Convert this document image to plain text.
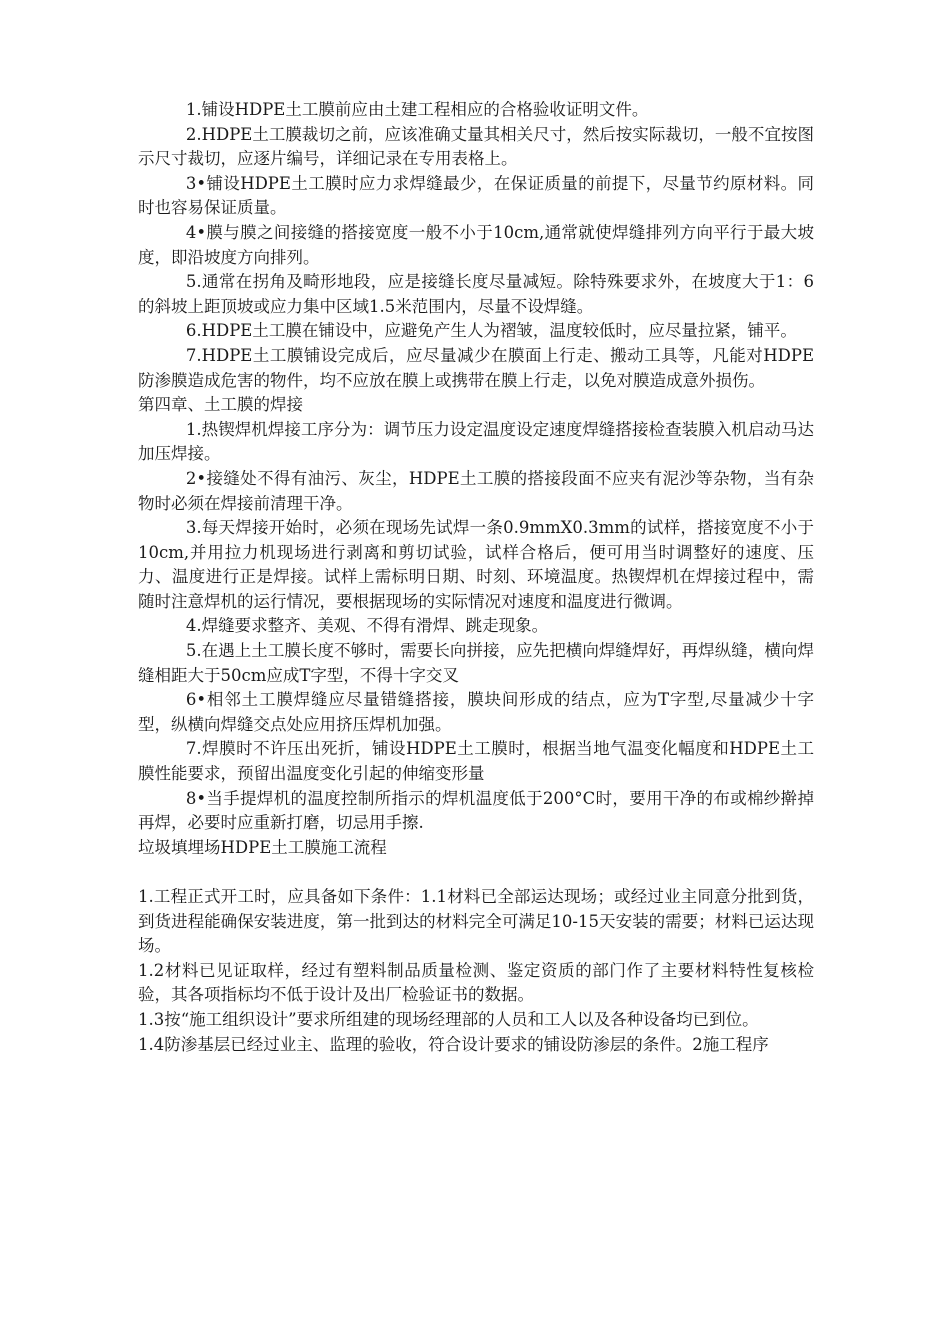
1.铺设HDPE土工膜前应由土建工程相应的合格验收证明文件。

2.HDPE土工膜裁切之前，应该准确丈量其相关尺寸，然后按实际裁切，一般不宜按图示尺寸裁切，应逐片编号，详细记录在专用表格上。

3•铺设HDPE土工膜时应力求焊缝最少，在保证质量的前提下，尽量节约原材料。同时也容易保证质量。

4•膜与膜之间接缝的搭接宽度一般不小于10cm,通常就使焊缝排列方向平行于最大坡度，即沿坡度方向排列。

5.通常在拐角及畸形地段，应是接缝长度尽量减短。除特殊要求外，在坡度大于1：6的斜坡上距顶坡或应力集中区域1.5米范围内，尽量不设焊缝。

6.HDPE土工膜在铺设中，应避免产生人为褶皱，温度较低时，应尽量拉紧，铺平。

7.HDPE土工膜铺设完成后，应尽量减少在膜面上行走、搬动工具等，凡能对HDPE防渗膜造成危害的物件，均不应放在膜上或携带在膜上行走，以免对膜造成意外损伤。

第四章、土工膜的焊接

1.热锲焊机焊接工序分为：调节压力设定温度设定速度焊缝搭接检查装膜入机启动马达加压焊接。

2•接缝处不得有油污、灰尘，HDPE土工膜的搭接段面不应夹有泥沙等杂物，当有杂物时必须在焊接前清理干净。

3.每天焊接开始时，必须在现场先试焊一条0.9mmX0.3mm的试样，搭接宽度不小于10cm,并用拉力机现场进行剥离和剪切试验，试样合格后，便可用当时调整好的速度、压力、温度进行正是焊接。试样上需标明日期、时刻、环境温度。热锲焊机在焊接过程中，需随时注意焊机的运行情况，要根据现场的实际情况对速度和温度进行微调。

4.焊缝要求整齐、美观、不得有滑焊、跳走现象。

5.在遇上土工膜长度不够时，需要长向拼接，应先把横向焊缝焊好，再焊纵缝，横向焊缝相距大于50cm应成T字型，不得十字交叉

6•相邻土工膜焊缝应尽量错缝搭接，膜块间形成的结点，应为T字型,尽量减少十字型，纵横向焊缝交点处应用挤压焊机加强。

7.焊膜时不许压出死折，铺设HDPE土工膜时，根据当地气温变化幅度和HDPE土工膜性能要求，预留出温度变化引起的伸缩变形量

8•当手提焊机的温度控制所指示的焊机温度低于200°C时，要用干净的布或棉纱擀掉再焊，必要时应重新打磨，切忌用手擦.

垃圾填埋场HDPE土工膜施工流程

1.工程正式开工时，应具备如下条件：1.1材料已全部运达现场；或经过业主同意分批到货，到货进程能确保安装进度，第一批到达的材料完全可满足10-15天安装的需要；材料已运达现场。

1.2材料已见证取样，经过有塑料制品质量检测、鉴定资质的部门作了主要材料特性复核检验，其各项指标均不低于设计及出厂检验证书的数据。

1.3按“施工组织设计”要求所组建的现场经理部的人员和工人以及各种设备均已到位。

1.4防渗基层已经过业主、监理的验收，符合设计要求的铺设防渗层的条件。2施工程序
